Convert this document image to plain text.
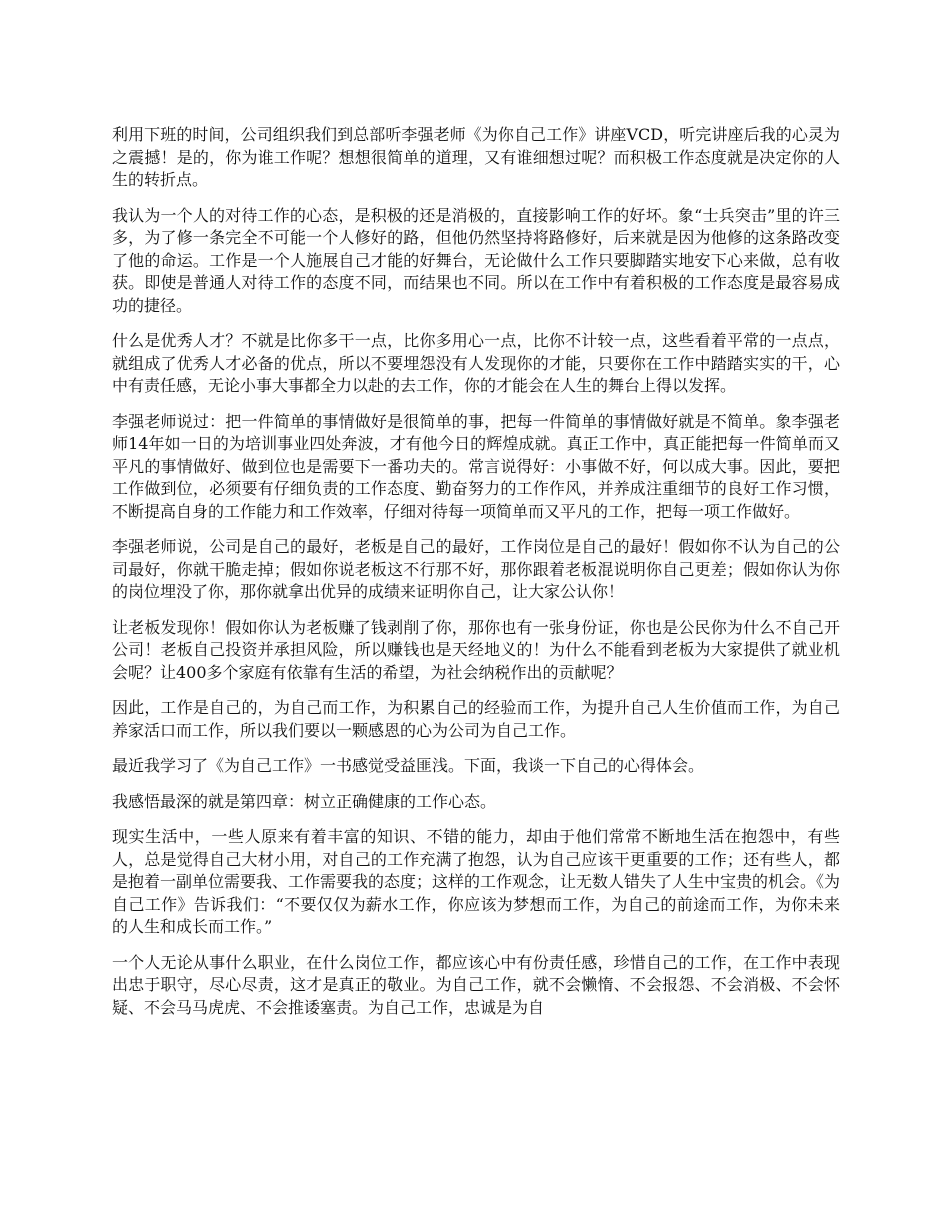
利用下班的时间，公司组织我们到总部听李强老师《为你自己工作》讲座VCD，听完讲座后我的心灵为之震撼！是的，你为谁工作呢？想想很简单的道理，又有谁细想过呢？而积极工作态度就是决定你的人生的转折点。

我认为一个人的对待工作的心态，是积极的还是消极的，直接影响工作的好坏。象“士兵突击”里的许三多，为了修一条完全不可能一个人修好的路，但他仍然坚持将路修好，后来就是因为他修的这条路改变了他的命运。工作是一个人施展自己才能的好舞台，无论做什么工作只要脚踏实地安下心来做，总有收获。即使是普通人对待工作的态度不同，而结果也不同。所以在工作中有着积极的工作态度是最容易成功的捷径。

什么是优秀人才？不就是比你多干一点，比你多用心一点，比你不计较一点，这些看着平常的一点点，就组成了优秀人才必备的优点，所以不要埋怨没有人发现你的才能，只要你在工作中踏踏实实的干，心中有责任感，无论小事大事都全力以赴的去工作，你的才能会在人生的舞台上得以发挥。

李强老师说过：把一件简单的事情做好是很简单的事，把每一件简单的事情做好就是不简单。象李强老师14年如一日的为培训事业四处奔波，才有他今日的辉煌成就。真正工作中，真正能把每一件简单而又平凡的事情做好、做到位也是需要下一番功夫的。常言说得好：小事做不好，何以成大事。因此，要把工作做到位，必须要有仔细负责的工作态度、勤奋努力的工作作风，并养成注重细节的良好工作习惯，不断提高自身的工作能力和工作效率，仔细对待每一项简单而又平凡的工作，把每一项工作做好。

李强老师说，公司是自己的最好，老板是自己的最好，工作岗位是自己的最好！假如你不认为自己的公司最好，你就干脆走掉；假如你说老板这不行那不好，那你跟着老板混说明你自己更差；假如你认为你的岗位埋没了你，那你就拿出优异的成绩来证明你自己，让大家公认你！

让老板发现你！假如你认为老板赚了钱剥削了你，那你也有一张身份证，你也是公民你为什么不自己开公司！老板自己投资并承担风险，所以赚钱也是天经地义的！为什么不能看到老板为大家提供了就业机会呢？让400多个家庭有依靠有生活的希望，为社会纳税作出的贡献呢？

因此，工作是自己的，为自己而工作，为积累自己的经验而工作，为提升自己人生价值而工作，为自己养家活口而工作，所以我们要以一颗感恩的心为公司为自己工作。

最近我学习了《为自己工作》一书感觉受益匪浅。下面，我谈一下自己的心得体会。

我感悟最深的就是第四章：树立正确健康的工作心态。

现实生活中，一些人原来有着丰富的知识、不错的能力，却由于他们常常不断地生活在抱怨中，有些人，总是觉得自己大材小用，对自己的工作充满了抱怨，认为自己应该干更重要的工作；还有些人，都是抱着一副单位需要我、工作需要我的态度；这样的工作观念，让无数人错失了人生中宝贵的机会。《为自己工作》告诉我们：“不要仅仅为薪水工作，你应该为梦想而工作，为自己的前途而工作，为你未来的人生和成长而工作。”

一个人无论从事什么职业，在什么岗位工作，都应该心中有份责任感，珍惜自己的工作，在工作中表现出忠于职守，尽心尽责，这才是真正的敬业。为自己工作，就不会懒惰、不会报怨、不会消极、不会怀疑、不会马马虎虎、不会推诿塞责。为自己工作，忠诚是为自
